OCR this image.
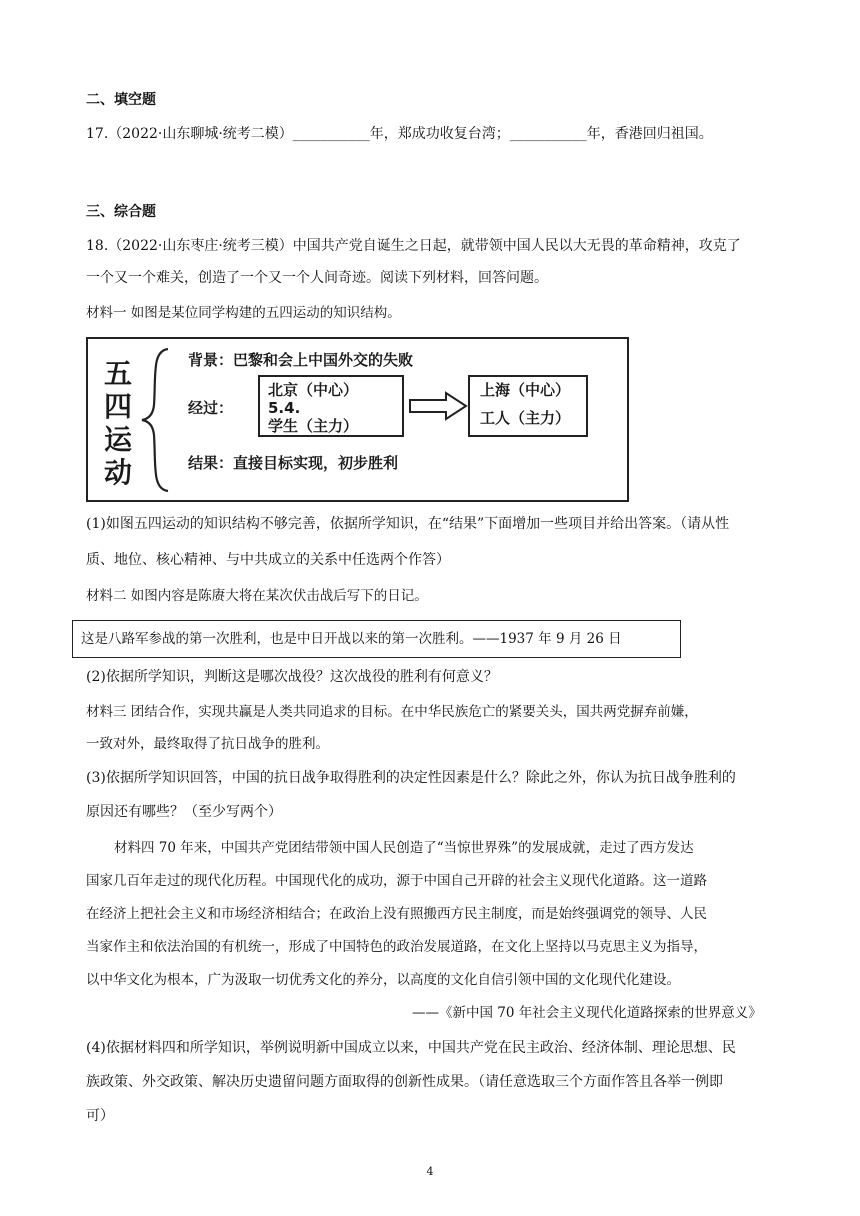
二、填空题
17.（2022·山东聊城·统考二模）___________年，郑成功收复台湾；___________年，香港回归祖国。
三、综合题
18.（2022·山东枣庄·统考三模）中国共产党自诞生之日起，就带领中国人民以大无畏的革命精神，攻克了
一个又一个难关，创造了一个又一个人间奇迹。阅读下列材料，回答问题。
材料一 如图是某位同学构建的五四运动的知识结构。
五
四
运
动
背景：巴黎和会上中国外交的失败
经过：
北京（中心）
5.4.
学生（主力）
上海（中心）
工人（主力）
结果：直接目标实现，初步胜利
(1)如图五四运动的知识结构不够完善，依据所学知识，在“结果”下面增加一些项目并给出答案。（请从性
质、地位、核心精神、与中共成立的关系中任选两个作答）
材料二 如图内容是陈赓大将在某次伏击战后写下的日记。
这是八路军参战的第一次胜利，也是中日开战以来的第一次胜利。——1937 年 9 月 26 日
(2)依据所学知识，判断这是哪次战役？这次战役的胜利有何意义？
材料三 团结合作，实现共赢是人类共同追求的目标。在中华民族危亡的紧要关头，国共两党摒弃前嫌，
一致对外，最终取得了抗日战争的胜利。
(3)依据所学知识回答，中国的抗日战争取得胜利的决定性因素是什么？除此之外，你认为抗日战争胜利的
原因还有哪些？（至少写两个）
材料四 70 年来，中国共产党团结带领中国人民创造了“当惊世界殊”的发展成就，走过了西方发达
国家几百年走过的现代化历程。中国现代化的成功，源于中国自己开辟的社会主义现代化道路。这一道路
在经济上把社会主义和市场经济相结合；在政治上没有照搬西方民主制度，而是始终强调党的领导、人民
当家作主和依法治国的有机统一，形成了中国特色的政治发展道路，在文化上坚持以马克思主义为指导，
以中华文化为根本，广为汲取一切优秀文化的养分，以高度的文化自信引领中国的文化现代化建设。
——《新中国 70 年社会主义现代化道路探索的世界意义》
(4)依据材料四和所学知识，举例说明新中国成立以来，中国共产党在民主政治、经济体制、理论思想、民
族政策、外交政策、解决历史遗留问题方面取得的创新性成果。（请任意选取三个方面作答且各举一例即
可）
4
